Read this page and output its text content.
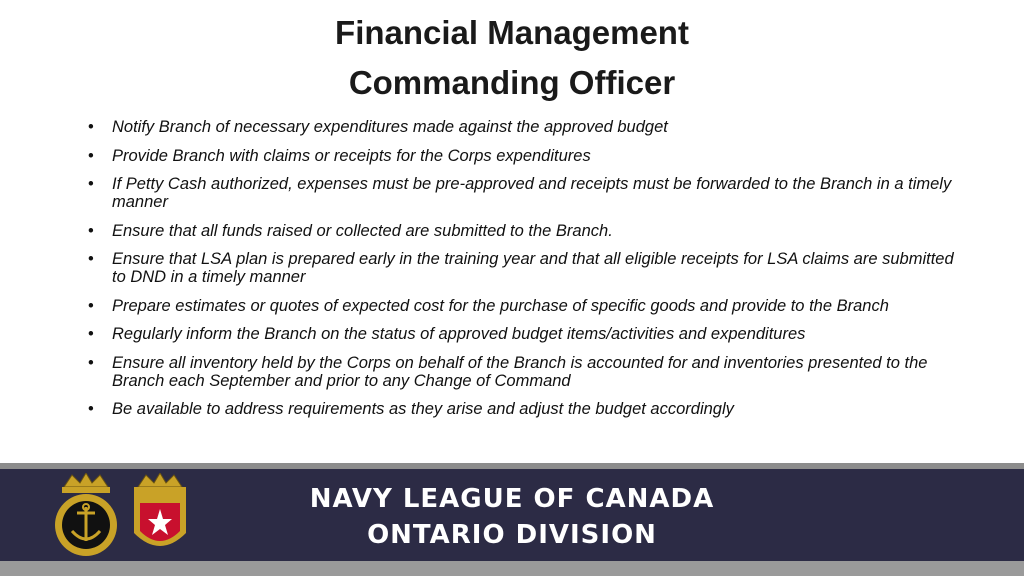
Financial Management
Commanding Officer
• Notify Branch of necessary expenditures made against the approved budget
• Provide Branch with claims or receipts for the Corps expenditures
• If Petty Cash authorized, expenses must be pre-approved and receipts must be forwarded to the Branch in a timely manner
• Ensure that all funds raised or collected are submitted to the Branch.
• Ensure that LSA plan is prepared early in the training year and that all eligible receipts for LSA claims are submitted to DND in a timely manner
• Prepare estimates or quotes of expected cost for the purchase of specific goods and provide to the Branch
• Regularly inform the Branch on the status of approved budget items/activities and expenditures
• Ensure all inventory held by the Corps on behalf of the Branch is accounted for and inventories presented to the Branch each September and prior to any Change of Command
• Be available to address requirements as they arise and adjust the budget accordingly
NAVY LEAGUE OF CANADA
ONTARIO DIVISION
